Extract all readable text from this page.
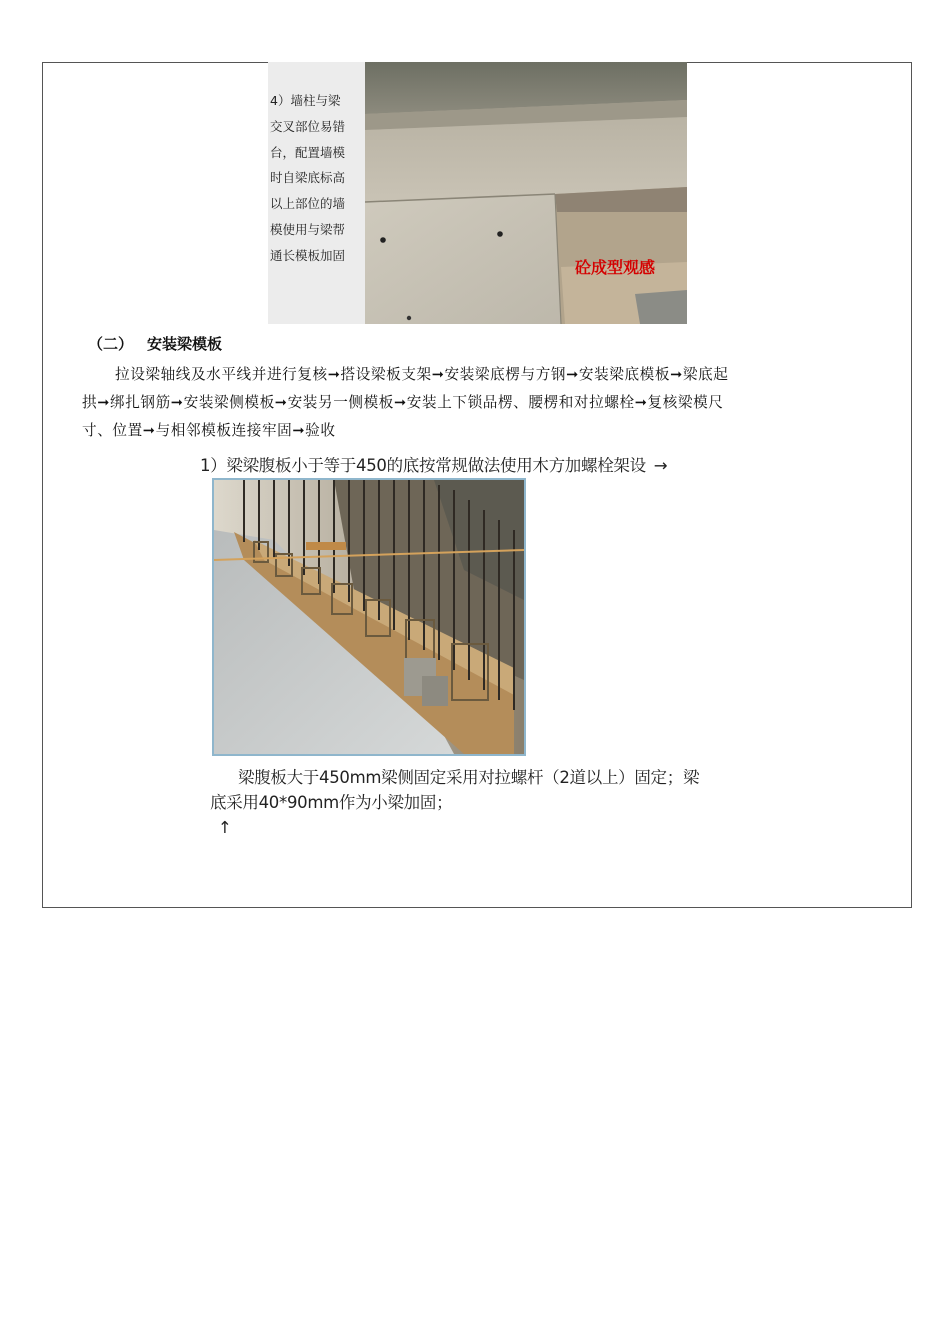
4）墙柱与梁
交叉部位易错
台，配置墙模
时自梁底标高
以上部位的墙
模使用与梁帮
通长模板加固
砼成型观感
（二） 安装梁模板
拉设梁轴线及水平线并进行复核➞搭设梁板支架➞安装梁底楞与方钢➞安装梁底模板➞梁底起
拱➞绑扎钢筋➞安装梁侧模板➞安装另一侧模板➞安装上下锁品楞、腰楞和对拉螺栓➞复核梁模尺
寸、位置➞与相邻模板连接牢固➞验收
1）梁梁腹板小于等于450的底按常规做法使用木方加螺栓架设 →
梁腹板大于450mm梁侧固定采用对拉螺杆（2道以上）固定；梁
底采用40*90mm作为小梁加固；
↑
